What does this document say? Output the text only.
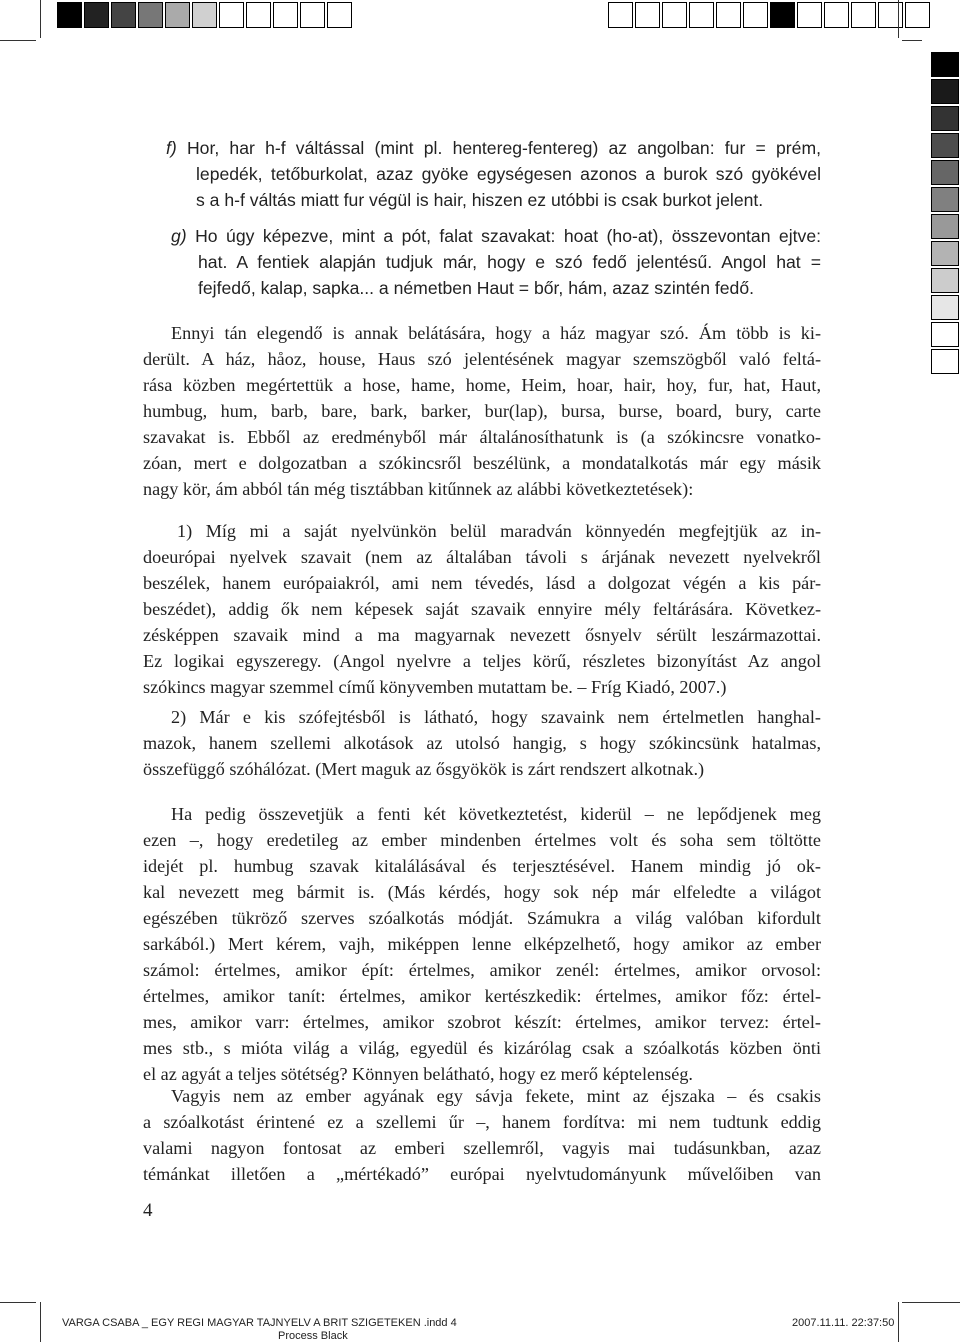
f) Hor, har h-f váltással (mint pl. hentereg-fentereg) az angolban: fur = prém,
lepedék, tetőburkolat, azaz gyöke egységesen azonos a burok szó gyökével
s a h-f váltás miatt fur végül is hair, hiszen ez utóbbi is csak burkot jelent.

g) Ho úgy képezve, mint a pót, falat szavakat: hoat (ho-at), összevontan ejtve:
hat. A fentiek alapján tudjuk már, hogy e szó fedő jelentésű. Angol hat =
fejfedő, kalap, sapka... a németben Haut = bőr, hám, azaz szintén fedő.

Ennyi tán elegendő is annak belátására, hogy a ház magyar szó. Ám több is ki-
derült. A ház, håoz, house, Haus szó jelentésének magyar szemszögből való feltá-
rása közben megértettük a hose, hame, home, Heim, hoar, hair, hoy, fur, hat, Haut,
humbug, hum, barb, bare, bark, barker, bur(lap), bursa, burse, board, bury, carte
szavakat is. Ebből az eredményből már általánosíthatunk is (a szókincsre vonatko-
zóan, mert e dolgozatban a szókincsről beszélünk, a mondatalkotás már egy másik
nagy kör, ám abból tán még tisztábban kitűnnek az alábbi következtetések):

1) Míg mi a saját nyelvünkön belül maradván könnyedén megfejtjük az in-
doeurópai nyelvek szavait (nem az általában távoli s árjának nevezett nyelvekről
beszélek, hanem európaiakról, ami nem tévedés, lásd a dolgozat végén a kis pár-
beszédet), addig ők nem képesek saját szavaik ennyire mély feltárására. Következ-
zésképpen szavaik mind a ma magyarnak nevezett ősnyelv sérült leszármazottai.
Ez logikai egyszeregy. (Angol nyelvre a teljes körű, részletes bizonyítást Az angol
szókincs magyar szemmel című könyvemben mutattam be. – Fríg Kiadó, 2007.)

2) Már e kis szófejtésből is látható, hogy szavaink nem értelmetlen hanghal-
mazok, hanem szellemi alkotások az utolsó hangig, s hogy szókincsünk hatalmas,
összefüggő szóhálózat. (Mert maguk az ősgyökök is zárt rendszert alkotnak.)

Ha pedig összevetjük a fenti két következtetést, kiderül – ne lepődjenek meg
ezen –, hogy eredetileg az ember mindenben értelmes volt és soha sem töltötte
idejét pl. humbug szavak kitalálásával és terjesztésével. Hanem mindig jó ok-
kal nevezett meg bármit is. (Más kérdés, hogy sok nép már elfeledte a világot
egészében tükröző szerves szóalkotás módját. Számukra a világ valóban kifordult
sarkából.) Mert kérem, vajh, miképpen lenne elképzelhető, hogy amikor az ember
számol: értelmes, amikor épít: értelmes, amikor zenél: értelmes, amikor orvosol:
értelmes, amikor tanít: értelmes, amikor kertészkedik: értelmes, amikor főz: értel-
mes, amikor varr: értelmes, amikor szobrot készít: értelmes, amikor tervez: értel-
mes stb., s mióta világ a világ, egyedül és kizárólag csak a szóalkotás közben önti
el az agyát a teljes sötétség? Könnyen belátható, hogy ez merő képtelenség.

Vagyis nem az ember agyának egy sávja fekete, mint az éjszaka – és csakis
a szóalkotást érintené ez a szellemi űr –, hanem fordítva: mi nem tudtunk eddig
valami nagyon fontosat az emberi szellemről, vagyis mai tudásunkban, azaz
témánkat illetően a „mértékadó” európai nyelvtudományunk művelőiben van

4
VARGA CSABA _ EGY REGI MAGYAR TAJNYELV A BRIT SZIGETEKEN .indd 4	2007.11.11. 22:37:50
Process Black
